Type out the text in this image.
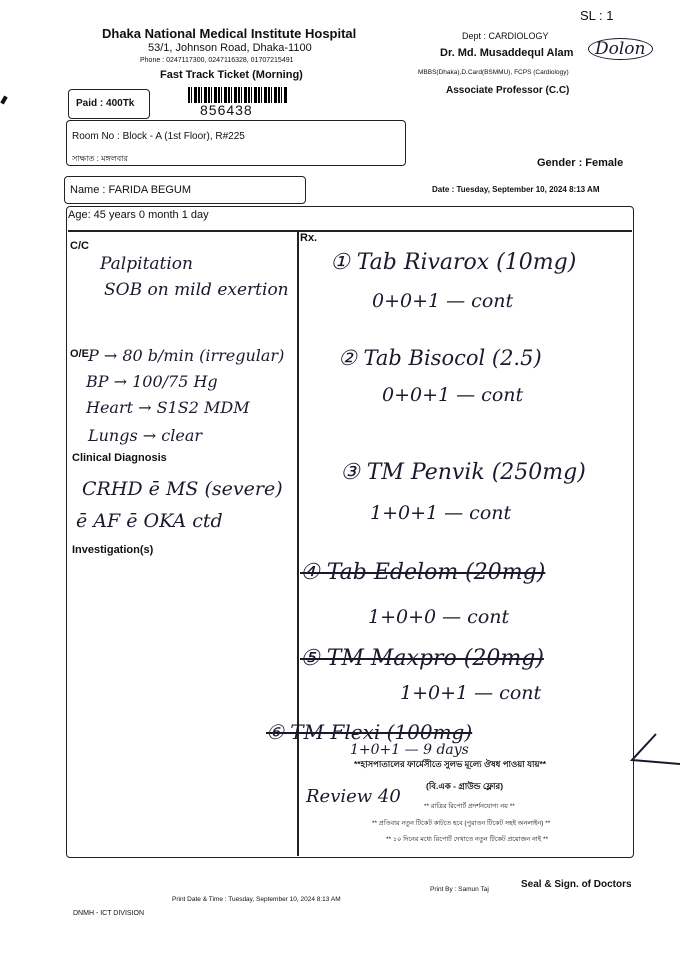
SL : 1
Dhaka National Medical Institute Hospital
53/1, Johnson Road, Dhaka-1100
Phone : 0247117300, 0247116328, 01707215491
Fast Track Ticket (Morning)
Dept : CARDIOLOGY
Dr. Md. Musaddequl Alam	Dolon
MBBS(Dhaka),D.Card(BSMMU), FCPS (Cardiology)
Associate Professor (C.C)
Paid : 400Tk	856438
Room No : Block - A (1st Floor), R#225
সাক্ষাত : মঙ্গলবার	Gender : Female
Name : FARIDA BEGUM	Date : Tuesday, September 10, 2024 8:13 AM
Age: 45 years 0 month 1 day
C/C
Rx.
O/E
Clinical Diagnosis
Investigation(s)
Palpitation
SOB on mild exertion
P → 80 b/min (irregular)
BP → 100/75 Hg
Heart → S1S2 MDM
Lungs → clear
CRHD ē MS (severe)
ē AF ē OKA ctd
① Tab Rivarox (10mg)
0+0+1 — cont
② Tab Bisocol (2.5)
0+0+1 — cont
③ TM Penvik (250mg)
1+0+1 — cont
④ Tab Edelom (20mg)
1+0+0 — cont
⑤ TM Maxpro (20mg)
1+0+1 — cont
⑥ TM Flexi (100mg)
1+0+1 — 9 days
Review 40
**হাসপাতালের ফার্মেসীতে সুলভ মূল্যে ঔষধ পাওয়া যায়**
(বি.এক - গ্রাউন্ড ফ্লোর)
** রাত্রির রিপোর্ট প্রদর্শনযোগ্য নয় **
** প্রতিবার নতুন টিকেট কাটতে হবে (পুরাতন টিকেট সহই অনলাইন) **
** ১০ দিনের মধ্যে রিপোর্ট দেখাতে নতুন টিকেট প্রয়োজন নাই **
DNMH - ICT DIVISION
Print Date & Time : Tuesday, September 10, 2024 8:13 AM
Print By : Samun Taj	Seal & Sign. of Doctors
